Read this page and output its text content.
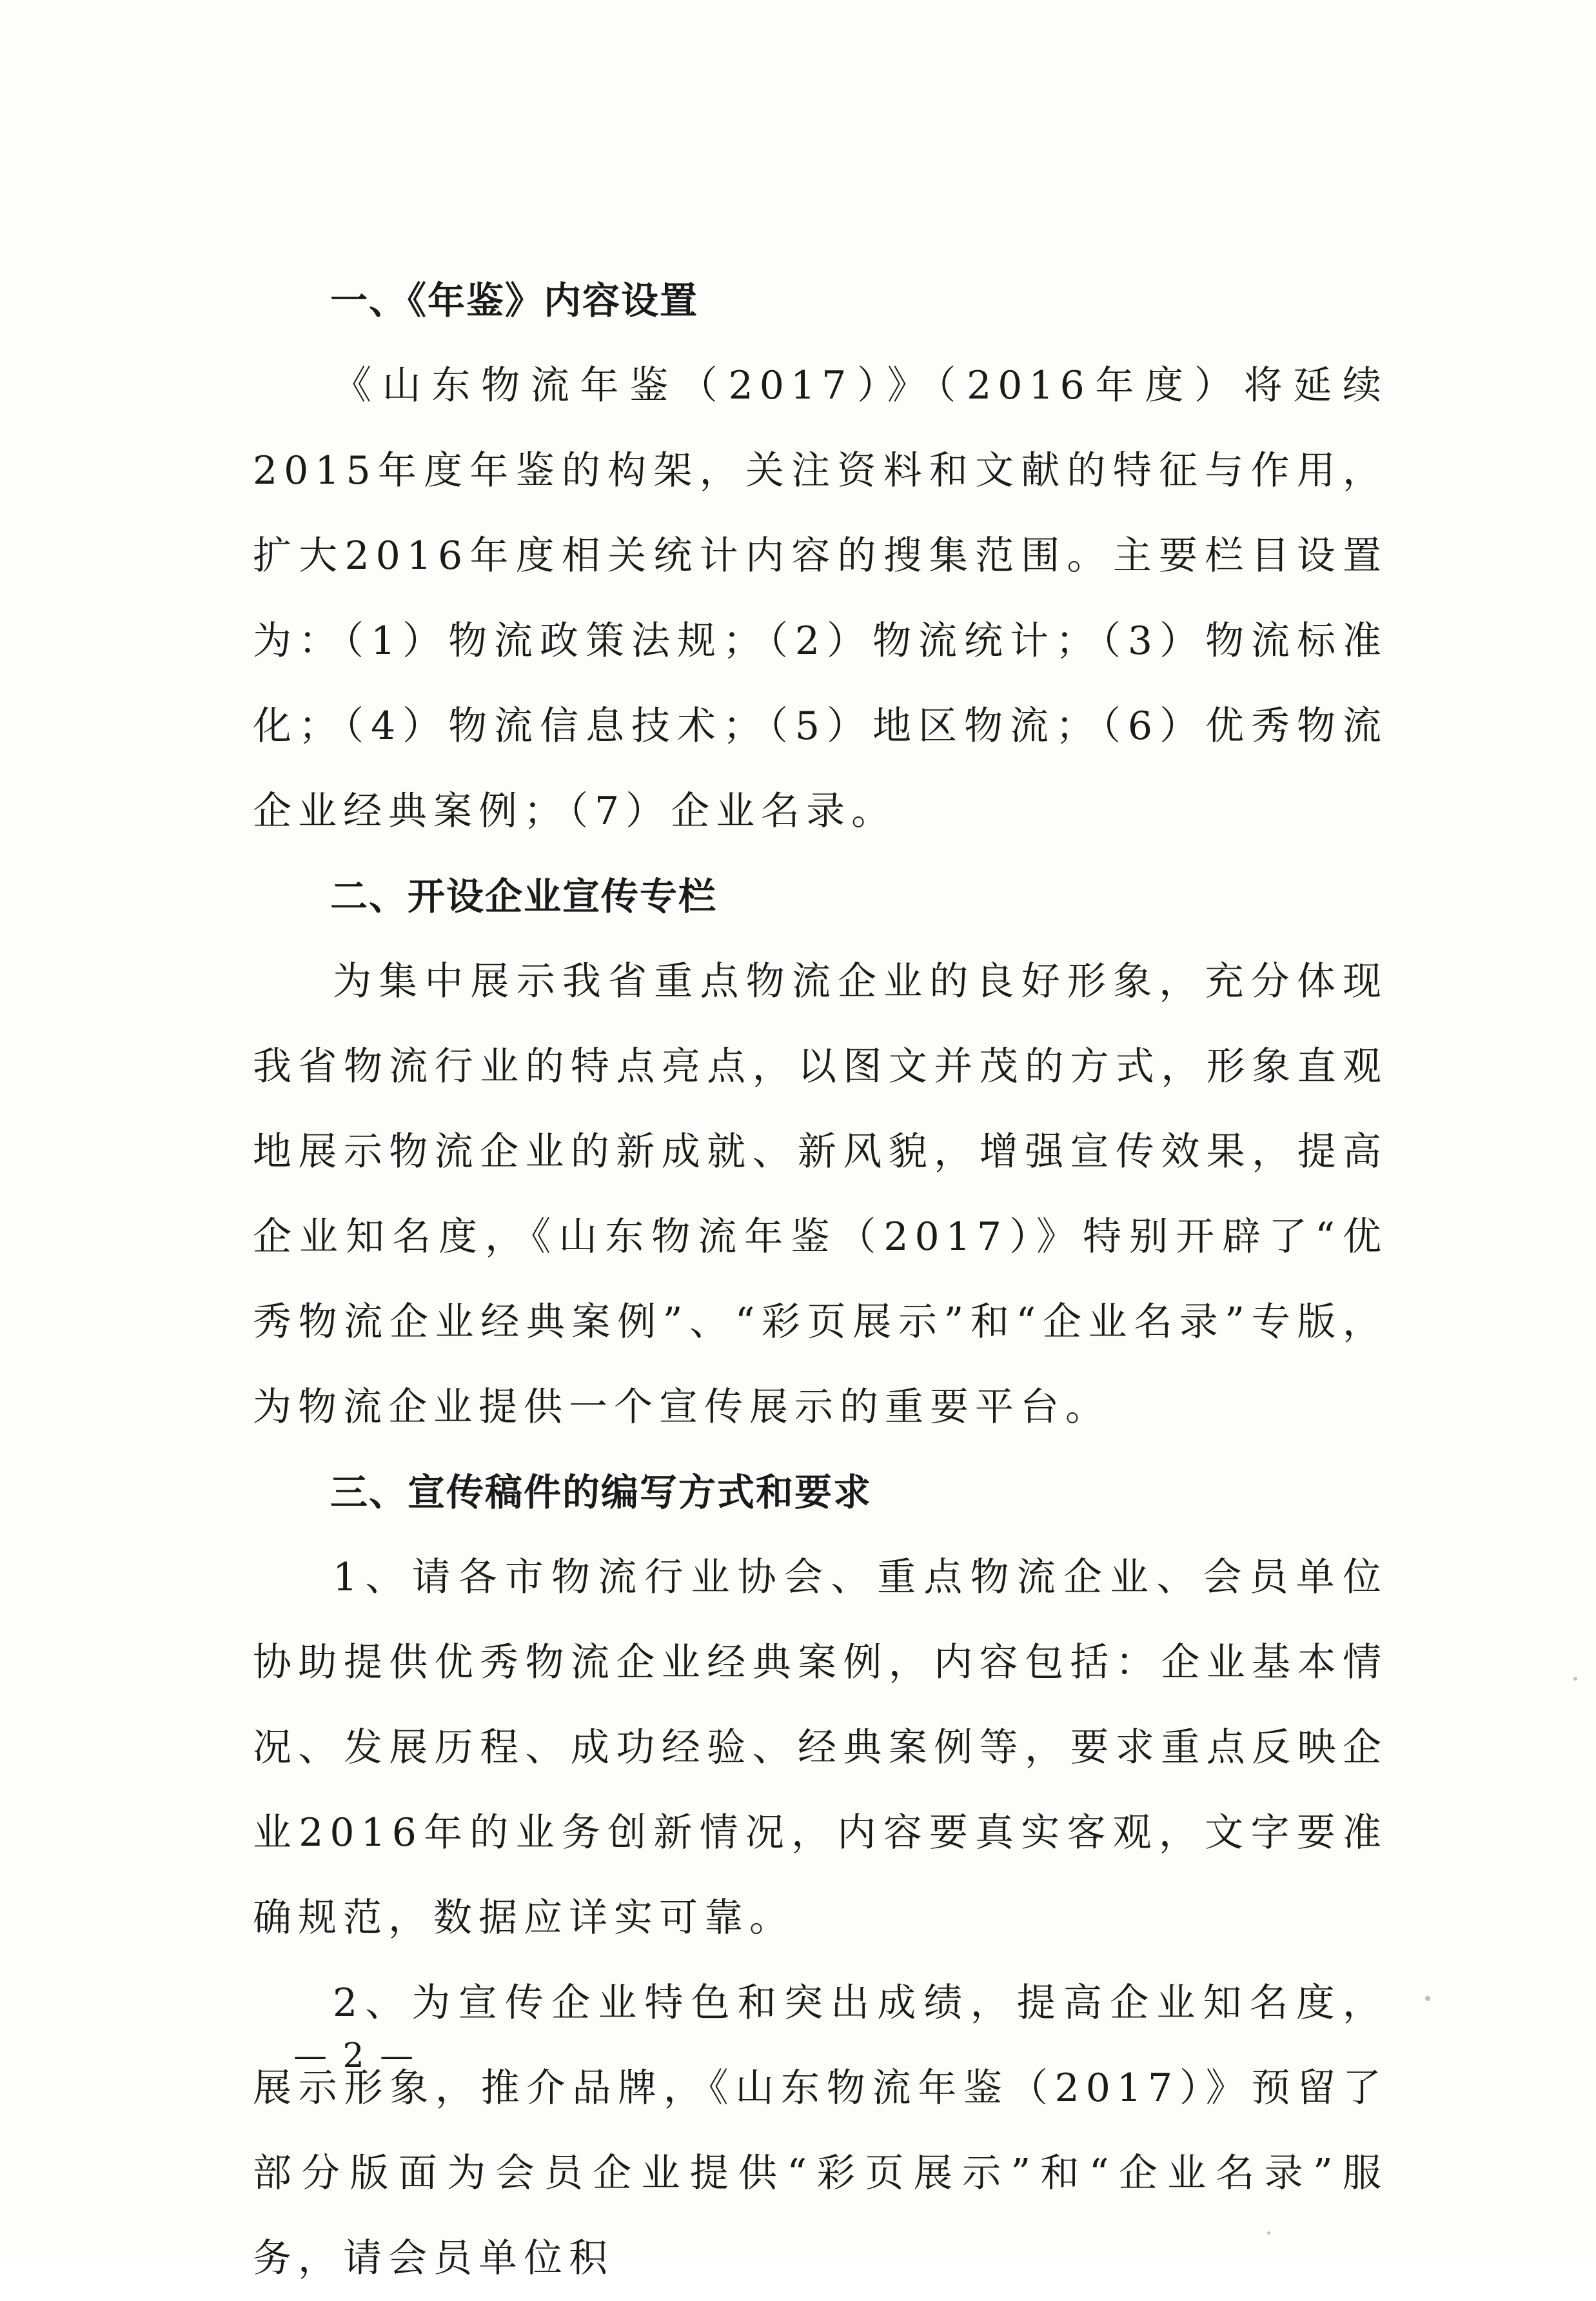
一、《年鉴》内容设置

《山东物流年鉴（2017）》（2016年度）将延续2015年度年鉴的构架，关注资料和文献的特征与作用，扩大2016年度相关统计内容的搜集范围。主要栏目设置为：（1）物流政策法规；（2）物流统计；（3）物流标准化；（4）物流信息技术；（5）地区物流；（6）优秀物流企业经典案例；（7）企业名录。

二、开设企业宣传专栏

为集中展示我省重点物流企业的良好形象，充分体现我省物流行业的特点亮点，以图文并茂的方式，形象直观地展示物流企业的新成就、新风貌，增强宣传效果，提高企业知名度，《山东物流年鉴（2017）》特别开辟了“优秀物流企业经典案例”、“彩页展示”和“企业名录”专版，为物流企业提供一个宣传展示的重要平台。

三、宣传稿件的编写方式和要求

1、请各市物流行业协会、重点物流企业、会员单位协助提供优秀物流企业经典案例，内容包括：企业基本情况、发展历程、成功经验、经典案例等，要求重点反映企业2016年的业务创新情况，内容要真实客观，文字要准确规范，数据应详实可靠。

2、为宣传企业特色和突出成绩，提高企业知名度，展示形象，推介品牌，《山东物流年鉴（2017）》预留了部分版面为会员企业提供“彩页展示”和“企业名录”服务，请会员单位积

— 2 —
